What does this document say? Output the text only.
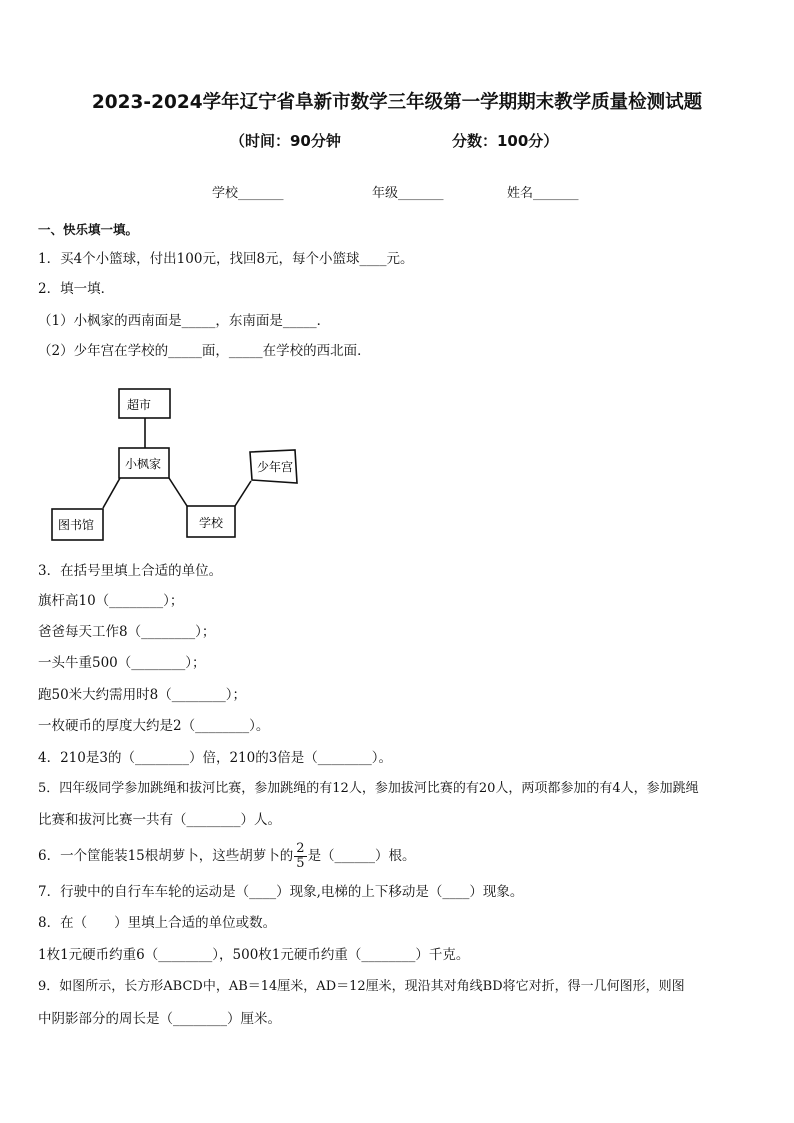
2023-2024学年辽宁省阜新市数学三年级第一学期期末教学质量检测试题
（时间：90分钟	分数：100分）
学校_______	年级_______	姓名_______
一、快乐填一填。
1．买4个小篮球，付出100元，找回8元，每个小篮球____元。
2．填一填．
（1）小枫家的西南面是_____，东南面是_____．
（2）少年宫在学校的_____面，_____在学校的西北面．
超市
小枫家	少年宫
图书馆	学校
3．在括号里填上合适的单位。
旗杆高10（________）；
爸爸每天工作8（________）；
一头牛重500（________）；
跑50米大约需用时8（________）；
一枚硬币的厚度大约是2（________）。
4．210是3的（________）倍，210的3倍是（________）。
5．四年级同学参加跳绳和拔河比赛，参加跳绳的有12人，参加拔河比赛的有20人，两项都参加的有4人，参加跳绳
比赛和拔河比赛一共有（________）人。
6．一个筐能装15根胡萝卜，这些胡萝卜的 $\frac{2}{5}$ 是（______）根。
7．行驶中的自行车车轮的运动是（____）现象,电梯的上下移动是（____）现象。
8．在（　　）里填上合适的单位或数。
1枚1元硬币约重6（________），500枚1元硬币约重（________）千克。
9．如图所示，长方形ABCD中，AB＝14厘米，AD＝12厘米，现沿其对角线BD将它对折，得一几何图形，则图
中阴影部分的周长是（________）厘米。
